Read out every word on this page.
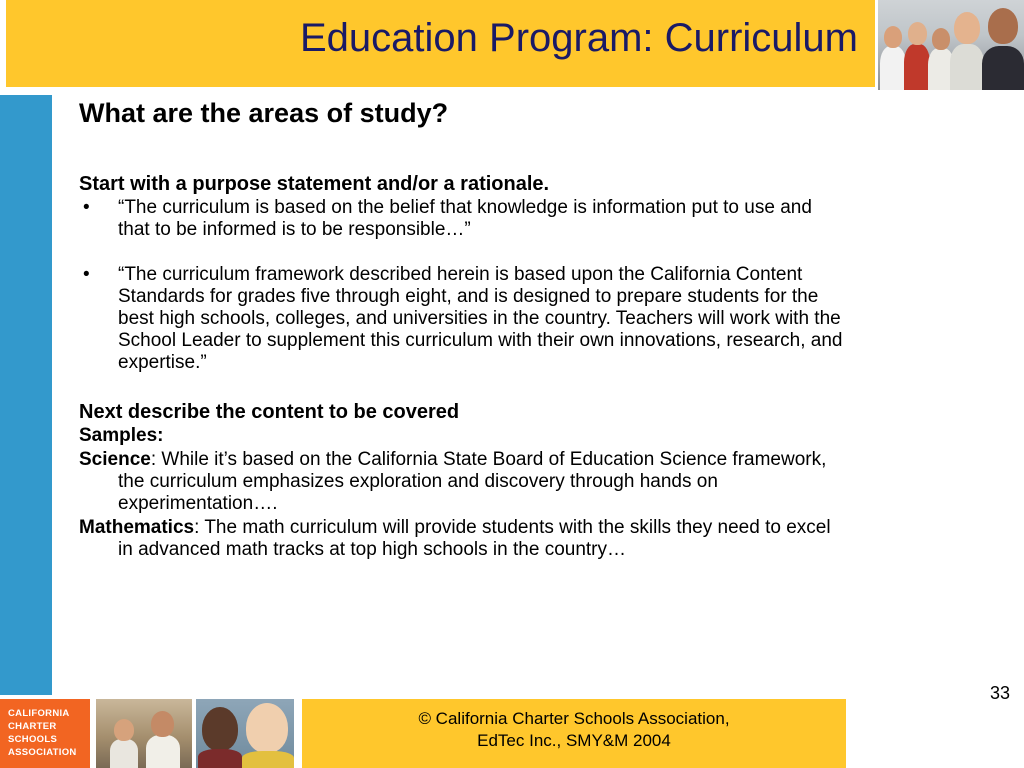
Education Program: Curriculum

What are the areas of study?

Start with a purpose statement and/or a rationale.

• “The curriculum is based on the belief that knowledge is information put to use and
that to be informed is to be responsible…”
• “The curriculum framework described herein is based upon the California Content
Standards for grades five through eight, and is designed to prepare students for the
best high schools, colleges, and universities in the country. Teachers will work with the
School Leader to supplement this curriculum with their own innovations, research, and
expertise.”

Next describe the content to be covered

Samples:
Science: While it’s based on the California State Board of Education Science framework,
the curriculum emphasizes exploration and discovery through hands on
experimentation….
Mathematics: The math curriculum will provide students with the skills they need to excel
in advanced math tracks at top high schools in the country…
33
CALIFORNIA
CHARTER
SCHOOLS
ASSOCIATION
© California Charter Schools Association,
EdTec Inc., SMY&M 2004
